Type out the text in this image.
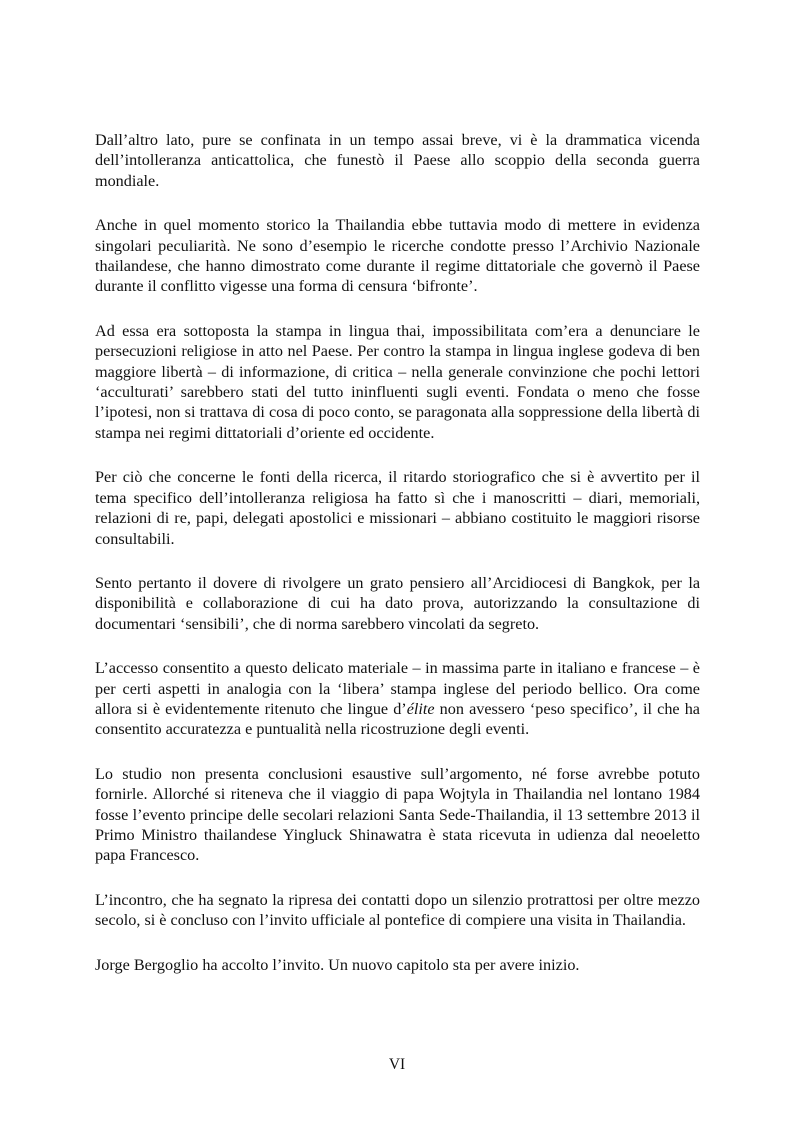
Dall’altro lato, pure se confinata in un tempo assai breve, vi è la drammatica vicenda dell’intolleranza anticattolica, che funestò il Paese allo scoppio della seconda guerra mondiale.

Anche in quel momento storico la Thailandia ebbe tuttavia modo di mettere in evidenza singolari peculiarità. Ne sono d’esempio le ricerche condotte presso l’Archivio Nazionale thailandese, che hanno dimostrato come durante il regime dittatoriale che governò il Paese durante il conflitto vigesse una forma di censura ‘bifronte’.

Ad essa era sottoposta la stampa in lingua thai, impossibilitata com’era a denunciare le persecuzioni religiose in atto nel Paese. Per contro la stampa in lingua inglese godeva di ben maggiore libertà – di informazione, di critica – nella generale convinzione che pochi lettori ‘acculturati’ sarebbero stati del tutto ininfluenti sugli eventi. Fondata o meno che fosse l’ipotesi, non si trattava di cosa di poco conto, se paragonata alla soppressione della libertà di stampa nei regimi dittatoriali d’oriente ed occidente.

Per ciò che concerne le fonti della ricerca, il ritardo storiografico che si è avvertito per il tema specifico dell’intolleranza religiosa ha fatto sì che i manoscritti – diari, memoriali, relazioni di re, papi, delegati apostolici e missionari – abbiano costituito le maggiori risorse consultabili.

Sento pertanto il dovere di rivolgere un grato pensiero all’Arcidiocesi di Bangkok, per la disponibilità e collaborazione di cui ha dato prova, autorizzando la consultazione di documentari ‘sensibili’, che di norma sarebbero vincolati da segreto.

L’accesso consentito a questo delicato materiale – in massima parte in italiano e francese – è per certi aspetti in analogia con la ‘libera’ stampa inglese del periodo bellico. Ora come allora si è evidentemente ritenuto che lingue d’élite non avessero ‘peso specifico’, il che ha consentito accuratezza e puntualità nella ricostruzione degli eventi.

Lo studio non presenta conclusioni esaustive sull’argomento, né forse avrebbe potuto fornirle. Allorché si riteneva che il viaggio di papa Wojtyla in Thailandia nel lontano 1984 fosse l’evento principe delle secolari relazioni Santa Sede-Thailandia, il 13 settembre 2013 il Primo Ministro thailandese Yingluck Shinawatra è stata ricevuta in udienza dal neoeletto papa Francesco.

L’incontro, che ha segnato la ripresa dei contatti dopo un silenzio protrattosi per oltre mezzo secolo, si è concluso con l’invito ufficiale al pontefice di compiere una visita in Thailandia.

Jorge Bergoglio ha accolto l’invito. Un nuovo capitolo sta per avere inizio.

VI
